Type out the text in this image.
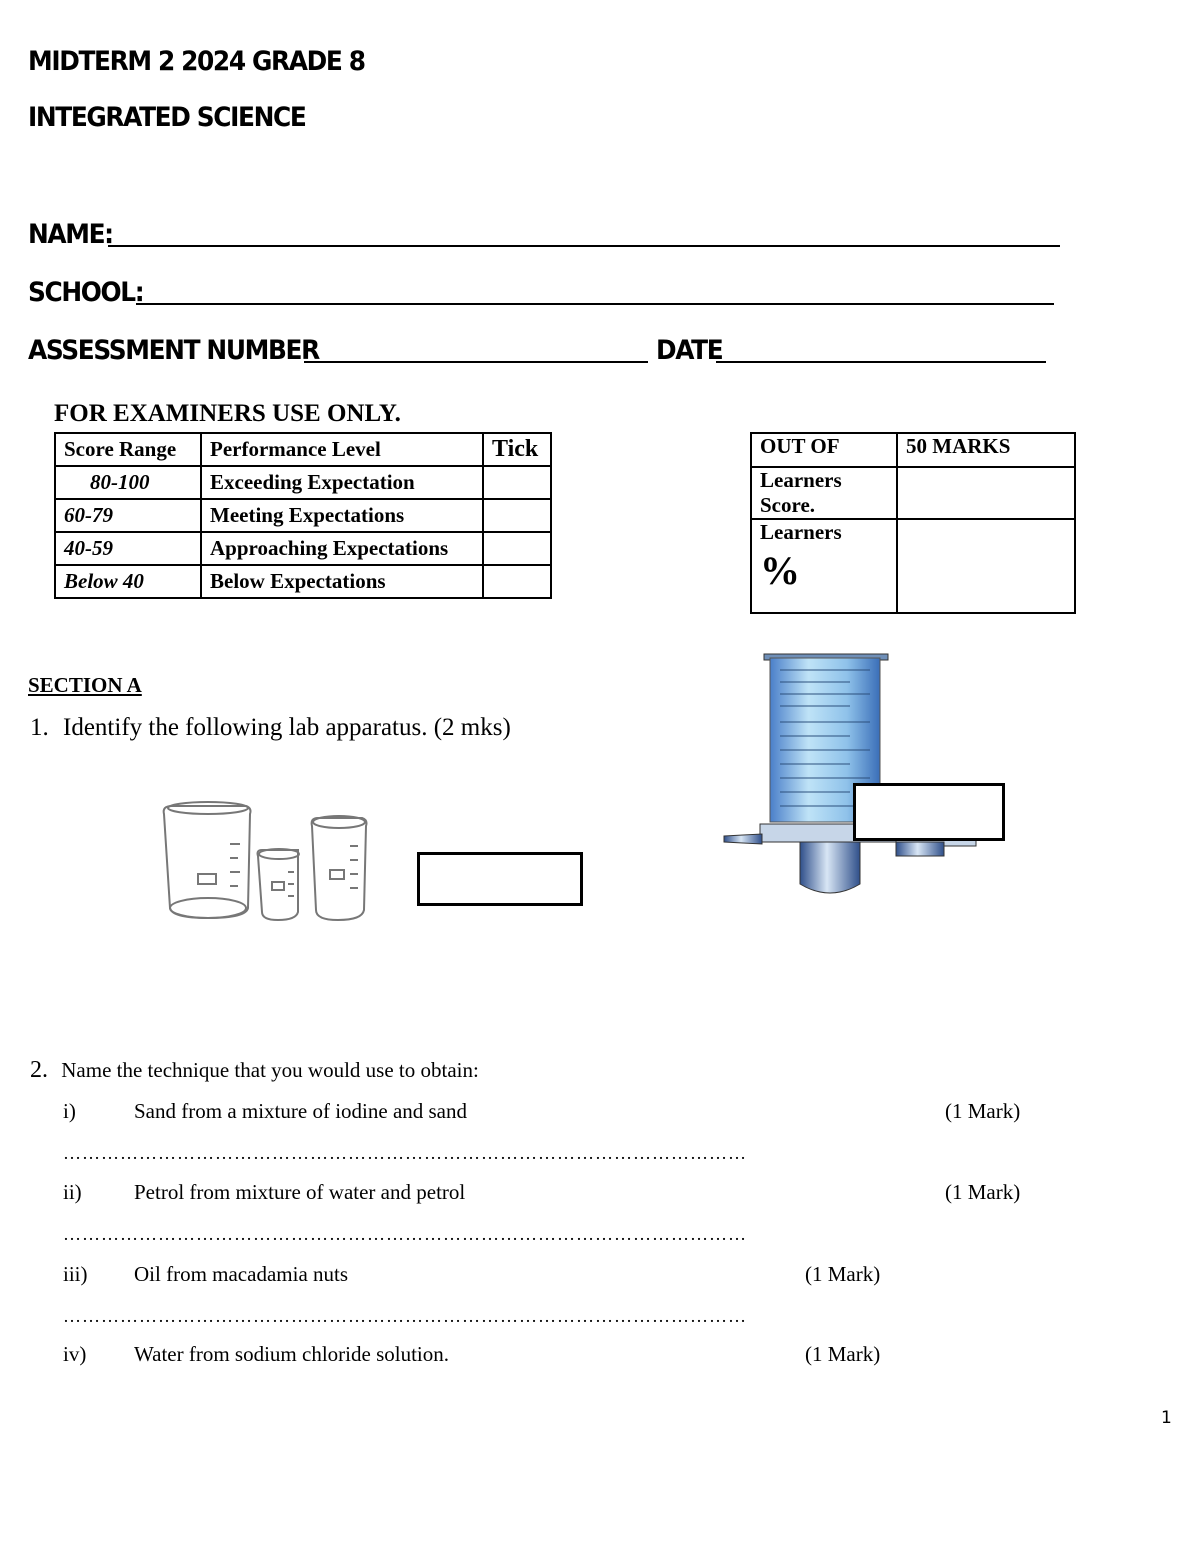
MIDTERM 2 2024 GRADE 8
INTEGRATED SCIENCE
NAME:
SCHOOL:
ASSESSMENT NUMBER	DATE
FOR EXAMINERS USE ONLY.
Score Range	Performance Level	Tick
80-100	Exceeding Expectation	
60-79	Meeting Expectations	
40-59	Approaching Expectations	
Below 40	Below Expectations	
OUT OF	50 MARKS
Learners Score.	

Learners
%	

SECTION A
1. Identify the following lab apparatus. (2 mks)
2. Name the technique that you would use to obtain:
i)	Sand from a mixture of iodine and sand	(1 Mark)
………………………………………………………………………………………………
ii) Petrol from mixture of water and petrol	(1 Mark)
………………………………………………………………………………………………
iii) Oil from macadamia nuts	(1 Mark)
………………………………………………………………………………………………
iv) Water from sodium chloride solution.	(1 Mark)
1
